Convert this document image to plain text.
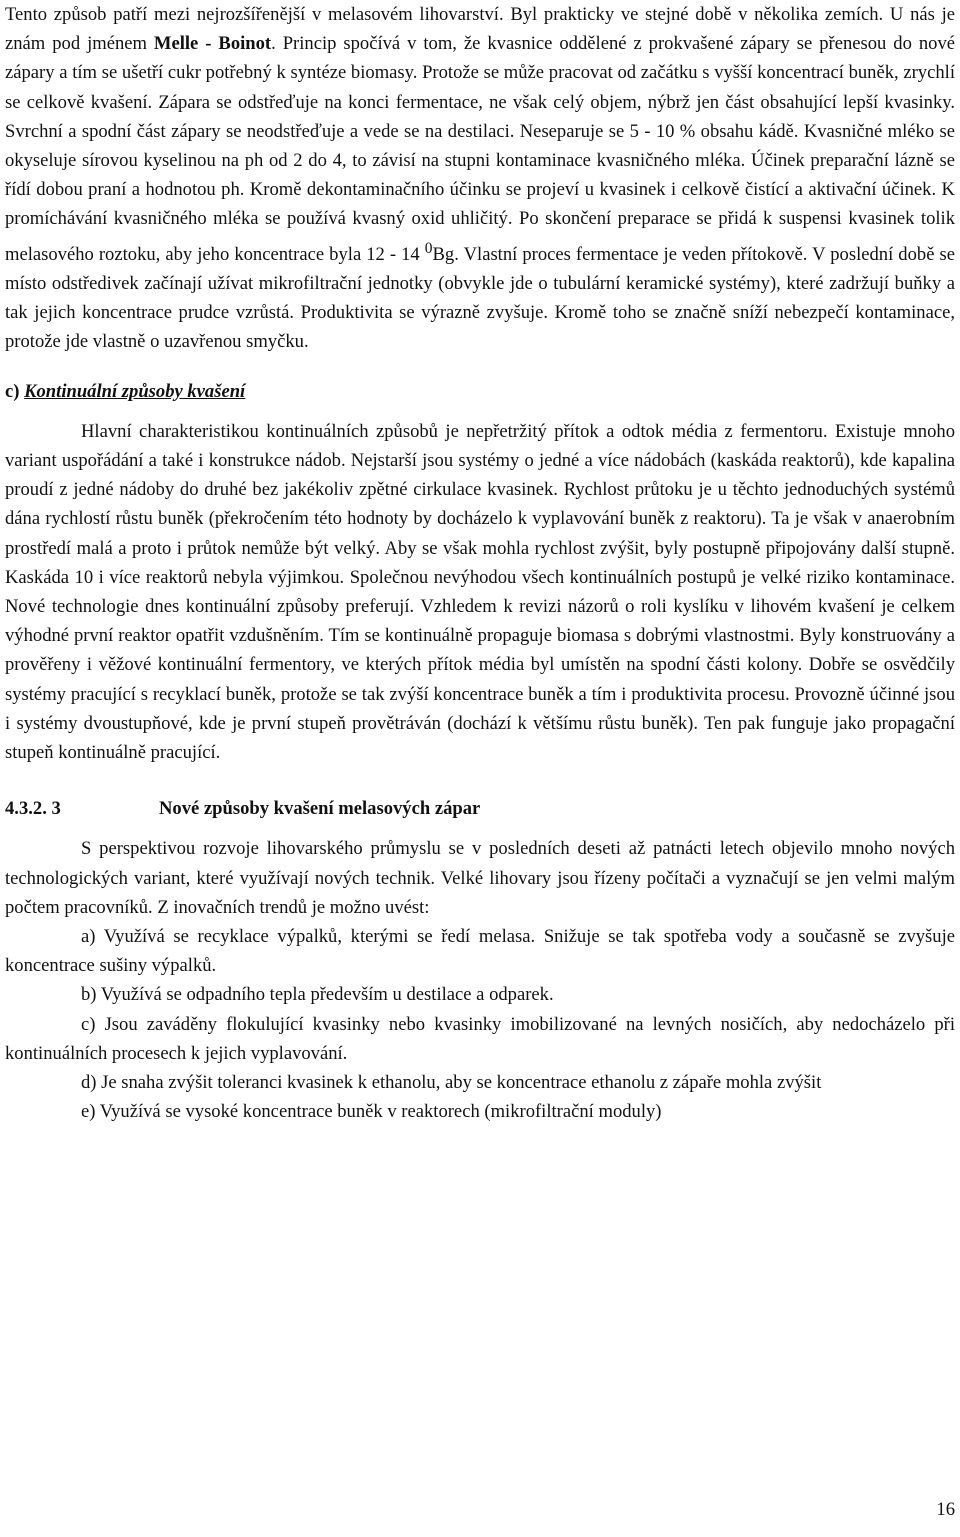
Tento způsob patří mezi nejrozšířenější v melasovém lihovarství. Byl prakticky ve stejné době v několika zemích. U nás je znám pod jménem Melle - Boinot. Princip spočívá v tom, že kvasnice oddělené z prokvašené zápary se přenesou do nové zápary a tím se ušetří cukr potřebný k syntéze biomasy. Protože se může pracovat od začátku s vyšší koncentrací buněk, zrychlí se celkově kvašení. Zápara se odstřeďuje na konci fermentace, ne však celý objem, nýbrž jen část obsahující lepší kvasinky. Svrchní a spodní část zápary se neodstřeďuje a vede se na destilaci. Neseparuje se 5 - 10 % obsahu kádě. Kvasničné mléko se okyseluje sírovou kyselinou na ph od 2 do 4, to závisí na stupni kontaminace kvasničného mléka. Účinek preparační lázně se řídí dobou praní a hodnotou ph. Kromě dekontaminačního účinku se projeví u kvasinek i celkově čistící a aktivační účinek. K promíchávání kvasničného mléka se používá kvasný oxid uhličitý. Po skončení preparace se přidá k suspensi kvasinek tolik melasového roztoku, aby jeho koncentrace byla 12 - 14 $^0$Bg. Vlastní proces fermentace je veden přítokově. V poslední době se místo odstředivek začínají užívat mikrofiltrační jednotky (obvykle jde o tubulární keramické systémy), které zadržují buňky a tak jejich koncentrace prudce vzrůstá. Produktivita se výrazně zvyšuje. Kromě toho se značně sníží nebezpečí kontaminace, protože jde vlastně o uzavřenou smyčku.

c) Kontinuální způsoby kvašení

Hlavní charakteristikou kontinuálních způsobů je nepřetržitý přítok a odtok média z fermentoru. Existuje mnoho variant uspořádání a také i konstrukce nádob. Nejstarší jsou systémy o jedné a více nádobách (kaskáda reaktorů), kde kapalina proudí z jedné nádoby do druhé bez jakékoliv zpětné cirkulace kvasinek. Rychlost průtoku je u těchto jednoduchých systémů dána rychlostí růstu buněk (překročením této hodnoty by docházelo k vyplavování buněk z reaktoru). Ta je však v anaerobním prostředí malá a proto i průtok nemůže být velký. Aby se však mohla rychlost zvýšit, byly postupně připojovány další stupně. Kaskáda 10 i více reaktorů nebyla výjimkou. Společnou nevýhodou všech kontinuálních postupů je velké riziko kontaminace. Nové technologie dnes kontinuální způsoby preferují. Vzhledem k revizi názorů o roli kyslíku v lihovém kvašení je celkem výhodné první reaktor opatřit vzdušněním. Tím se kontinuálně propaguje biomasa s dobrými vlastnostmi. Byly konstruovány a prověřeny i věžové kontinuální fermentory, ve kterých přítok média byl umístěn na spodní části kolony. Dobře se osvědčily systémy pracující s recyklací buněk, protože se tak zvýší koncentrace buněk a tím i produktivita procesu. Provozně účinné jsou i systémy dvoustupňové, kde je první stupeň provětráván (dochází k většímu růstu buněk). Ten pak funguje jako propagační stupeň kontinuálně pracující.

4.3.2. 3	Nové způsoby kvašení melasových zápar

S perspektivou rozvoje lihovarského průmyslu se v posledních deseti až patnácti letech objevilo mnoho nových technologických variant, které využívají nových technik. Velké lihovary jsou řízeny počítači a vyznačují se jen velmi malým počtem pracovníků. Z inovačních trendů je možno uvést:

a) Využívá se recyklace výpalků, kterými se ředí melasa. Snižuje se tak spotřeba vody a současně se zvyšuje koncentrace sušiny výpalků.

b) Využívá se odpadního tepla především u destilace a odparek.

c) Jsou zaváděny flokulující kvasinky nebo kvasinky imobilizované na levných nosičích, aby nedocházelo při kontinuálních procesech k jejich vyplavování.

d) Je snaha zvýšit toleranci kvasinek k ethanolu, aby se koncentrace ethanolu z zápaře mohla zvýšit

e) Využívá se vysoké koncentrace buněk v reaktorech (mikrofiltrační moduly)

16
